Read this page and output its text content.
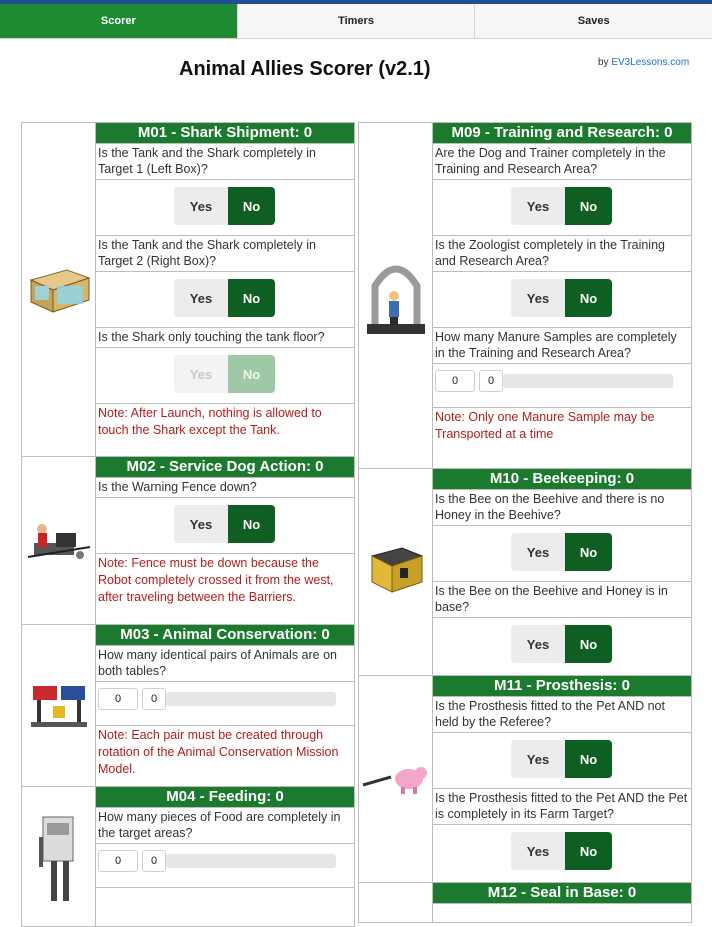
Scorer	Timers	Saves
Animal Allies Scorer (v2.1)	by EV3Lessons.com
M01 - Shark Shipment: 0
Is the Tank and the Shark completely in Target 1 (Left Box)?
Yes	No
Is the Tank and the Shark completely in Target 2 (Right Box)?
Yes	No
Is the Shark only touching the tank floor?
Yes	No
Note: After Launch, nothing is allowed to touch the Shark except the Tank.
M02 - Service Dog Action: 0
Is the Warning Fence down?
Yes	No
Note: Fence must be down because the Robot completely crossed it from the west, after traveling between the Barriers.
M03 - Animal Conservation: 0
How many identical pairs of Animals are on both tables?
0	0
Note: Each pair must be created through rotation of the Animal Conservation Mission Model.
M04 - Feeding: 0
How many pieces of Food are completely in the target areas?
0	0
M09 - Training and Research: 0
Are the Dog and Trainer completely in the Training and Research Area?
Yes	No
Is the Zoologist completely in the Training and Research Area?
Yes	No
How many Manure Samples are completely in the Training and Research Area?
0	0
Note: Only one Manure Sample may be Transported at a time
M10 - Beekeeping: 0
Is the Bee on the Beehive and there is no Honey in the Beehive?
Yes	No
Is the Bee on the Beehive and Honey is in base?
Yes	No
M11 - Prosthesis: 0
Is the Prosthesis fitted to the Pet AND not held by the Referee?
Yes	No
Is the Prosthesis fitted to the Pet AND the Pet is completely in its Farm Target?
Yes	No
M12 - Seal in Base: 0
